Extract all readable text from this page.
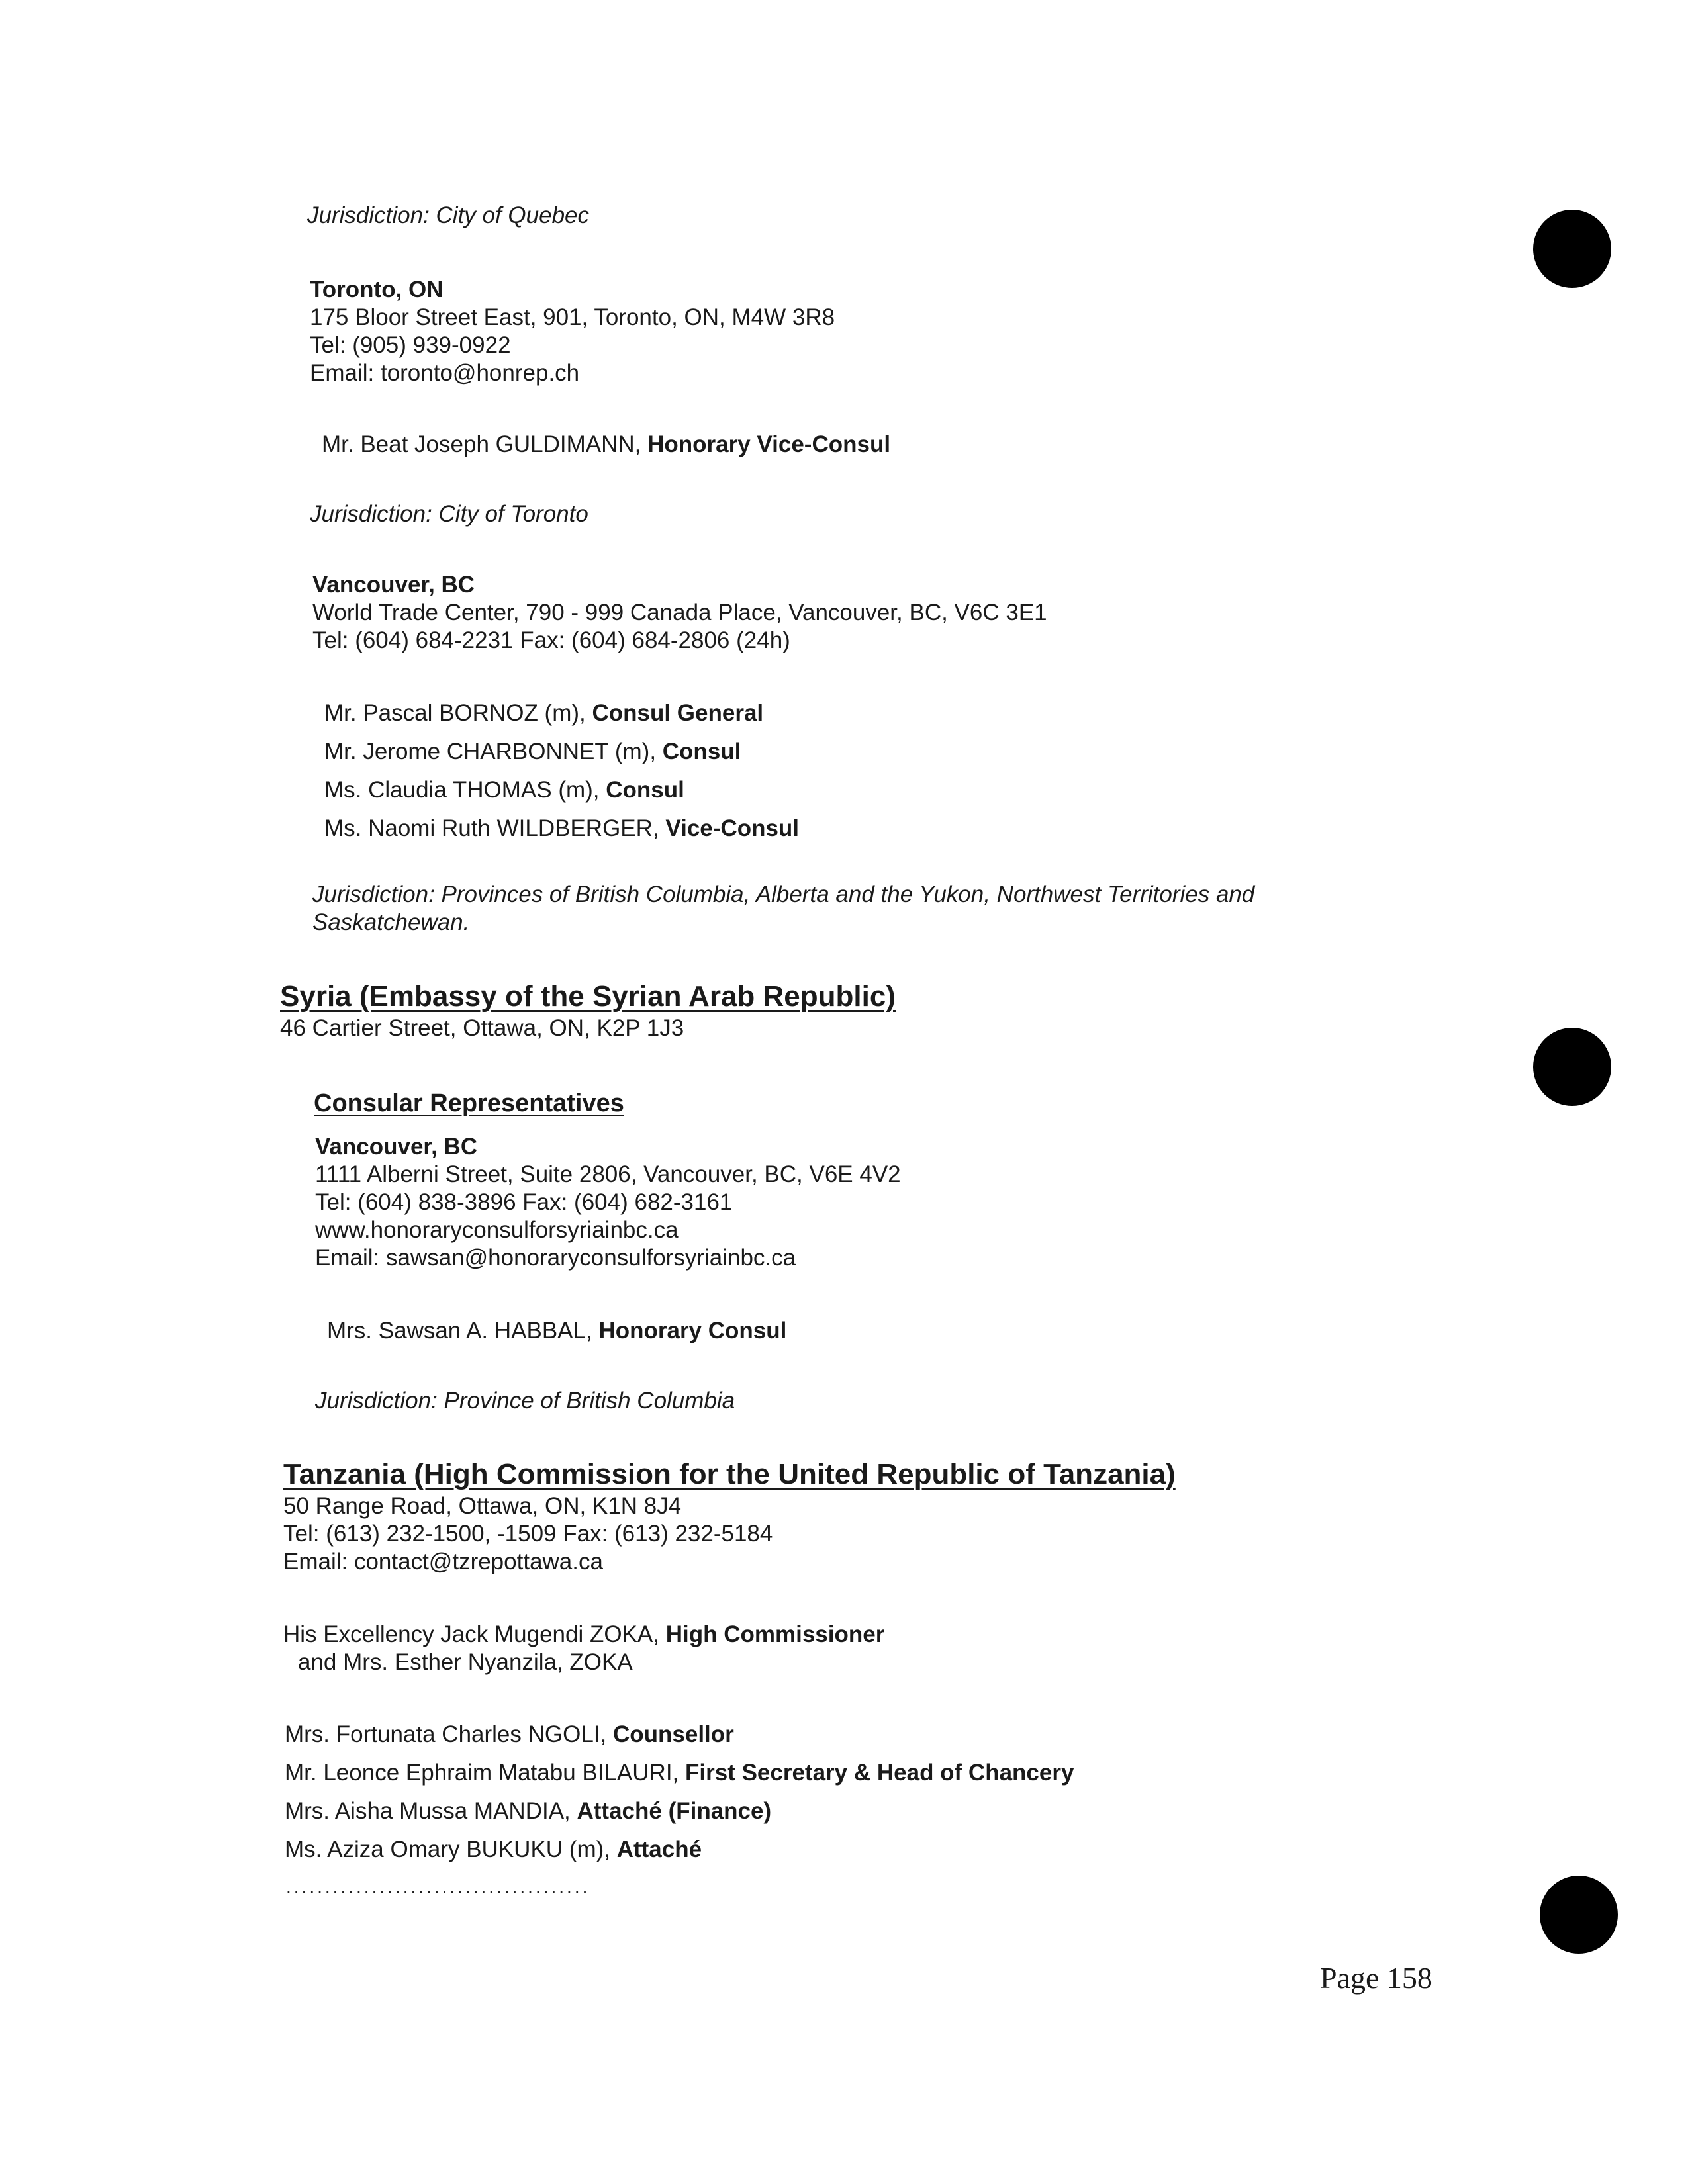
Jurisdiction: City of Quebec
Toronto, ON
175 Bloor Street East, 901, Toronto, ON, M4W 3R8
Tel: (905) 939-0922
Email: toronto@honrep.ch
Mr. Beat Joseph GULDIMANN, Honorary Vice-Consul
Jurisdiction: City of Toronto
Vancouver, BC
World Trade Center, 790 - 999 Canada Place, Vancouver, BC, V6C 3E1
Tel: (604) 684-2231 Fax: (604) 684-2806 (24h)
Mr. Pascal BORNOZ (m), Consul General
Mr. Jerome CHARBONNET (m), Consul
Ms. Claudia THOMAS (m), Consul
Ms. Naomi Ruth WILDBERGER, Vice-Consul
Jurisdiction: Provinces of British Columbia, Alberta and the Yukon, Northwest Territories and
Saskatchewan.
Syria (Embassy of the Syrian Arab Republic)
46 Cartier Street, Ottawa, ON, K2P 1J3
Consular Representatives
Vancouver, BC
1111 Alberni Street, Suite 2806, Vancouver, BC, V6E 4V2
Tel: (604) 838-3896 Fax: (604) 682-3161
www.honoraryconsulforsyriainbc.ca
Email: sawsan@honoraryconsulforsyriainbc.ca
Mrs. Sawsan A. HABBAL, Honorary Consul
Jurisdiction: Province of British Columbia
Tanzania (High Commission for the United Republic of Tanzania)
50 Range Road, Ottawa, ON, K1N 8J4
Tel: (613) 232-1500, -1509 Fax: (613) 232-5184
Email: contact@tzrepottawa.ca
His Excellency Jack Mugendi ZOKA, High Commissioner
and Mrs. Esther Nyanzila, ZOKA
Mrs. Fortunata Charles NGOLI, Counsellor
Mr. Leonce Ephraim Matabu BILAURI, First Secretary & Head of Chancery
Mrs. Aisha Mussa MANDIA, Attaché (Finance)
Ms. Aziza Omary BUKUKU (m), Attaché
.......................................
Page 158
